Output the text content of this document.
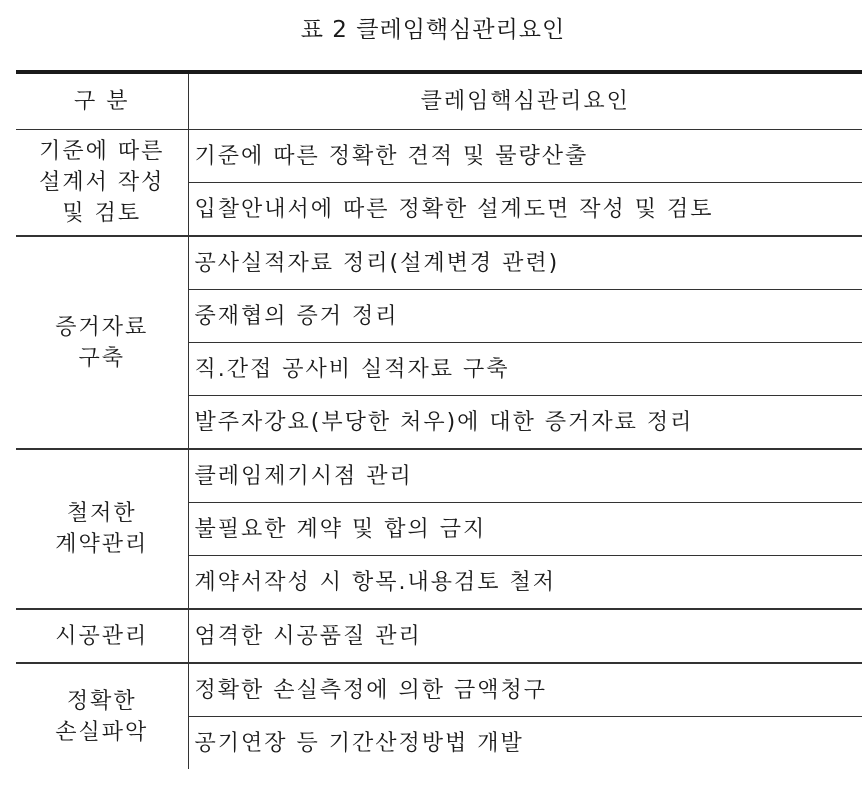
표 2 클레임핵심관리요인
구 분	클레임핵심관리요인
기준에 따른
설계서 작성
및 검토	기준에 따른 정확한 견적 및 물량산출
	입찰안내서에 따른 정확한 설계도면 작성 및 검토
증거자료
구축	공사실적자료 정리(설계변경 관련)
	중재협의 증거 정리
	직.간접 공사비 실적자료 구축
	발주자강요(부당한 처우)에 대한 증거자료 정리
철저한
계약관리	클레임제기시점 관리
	불필요한 계약 및 합의 금지
	계약서작성 시 항목.내용검토 철저
시공관리	엄격한 시공품질 관리
정확한
손실파악	정확한 손실측정에 의한 금액청구
	공기연장 등 기간산정방법 개발
